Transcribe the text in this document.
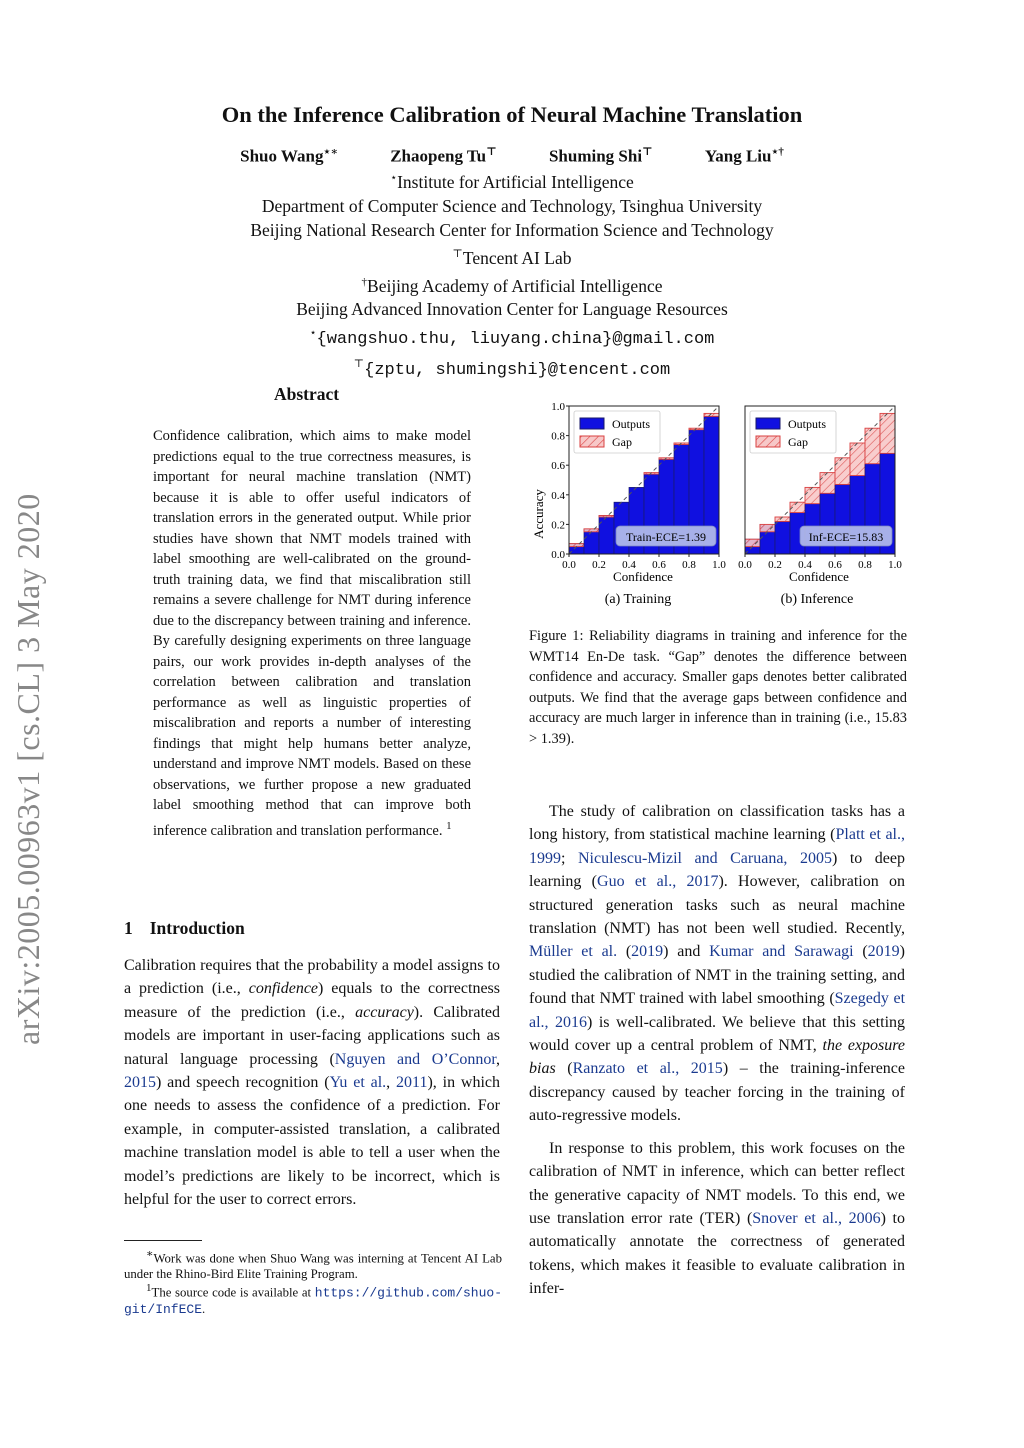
On the Inference Calibration of Neural Machine Translation
Shuo Wang⋆∗	Zhaopeng Tu⊤	Shuming Shi⊤	Yang Liu⋆†
⋆Institute for Artificial Intelligence
Department of Computer Science and Technology, Tsinghua University
Beijing National Research Center for Information Science and Technology
⊤Tencent AI Lab
†Beijing Academy of Artificial Intelligence
Beijing Advanced Innovation Center for Language Resources
⋆{wangshuo.thu, liuyang.china}@gmail.com
⊤{zptu, shumingshi}@tencent.com
arXiv:2005.00963v1 [cs.CL] 3 May 2020
Abstract
Confidence calibration, which aims to make model predictions equal to the true correctness measures, is important for neural machine translation (NMT) because it is able to offer useful indicators of translation errors in the generated output. While prior studies have shown that NMT models trained with label smoothing are well-calibrated on the ground-truth training data, we find that miscalibration still remains a severe challenge for NMT during inference due to the discrepancy between training and inference. By carefully designing experiments on three language pairs, our work provides in-depth analyses of the correlation between calibration and translation performance as well as linguistic properties of miscalibration and reports a number of interesting findings that might help humans better analyze, understand and improve NMT models. Based on these observations, we further propose a new graduated label smoothing method that can improve both inference calibration and translation performance. $^1$
1 Introduction

Calibration requires that the probability a model assigns to a prediction (i.e., confidence) equals to the correctness measure of the prediction (i.e., accuracy). Calibrated models are important in user-facing applications such as natural language processing (Nguyen and O’Connor, 2015) and speech recognition (Yu et al., 2011), in which one needs to assess the confidence of a prediction. For example, in computer-assisted translation, a calibrated machine translation model is able to tell a user when the model’s predictions are likely to be incorrect, which is helpful for the user to correct errors.

∗Work was done when Shuo Wang was interning at Tencent AI Lab under the Rhino-Bird Elite Training Program.
$^1$The source code is available at https://github.com/shuo-git/InfECE.
0.0 0.2 0.4 0.6 0.8 1.0
0.0
0.2
0.4
0.6
0.8
1.0
Outputs
Gap
Train-ECE=1.39
0.0 0.2 0.4 0.6 0.8 1.0
Outputs
Gap
Inf-ECE=15.83
Accuracy
Confidence	Confidence
(a) Training	(b) Inference
Figure 1: Reliability diagrams in training and inference for the WMT14 En-De task. “Gap” denotes the difference between confidence and accuracy. Smaller gaps denotes better calibrated outputs. We find that the average gaps between confidence and accuracy are much larger in inference than in training (i.e., 15.83 > 1.39).

The study of calibration on classification tasks has a long history, from statistical machine learning (Platt et al., 1999; Niculescu-Mizil and Caruana, 2005) to deep learning (Guo et al., 2017). However, calibration on structured generation tasks such as neural machine translation (NMT) has not been well studied. Recently, Müller et al. (2019) and Kumar and Sarawagi (2019) studied the calibration of NMT in the training setting, and found that NMT trained with label smoothing (Szegedy et al., 2016) is well-calibrated. We believe that this setting would cover up a central problem of NMT, the exposure bias (Ranzato et al., 2015) – the training-inference discrepancy caused by teacher forcing in the training of auto-regressive models.

In response to this problem, this work focuses on the calibration of NMT in inference, which can better reflect the generative capacity of NMT models. To this end, we use translation error rate (TER) (Snover et al., 2006) to automatically annotate the correctness of generated tokens, which makes it feasible to evaluate calibration in infer-
